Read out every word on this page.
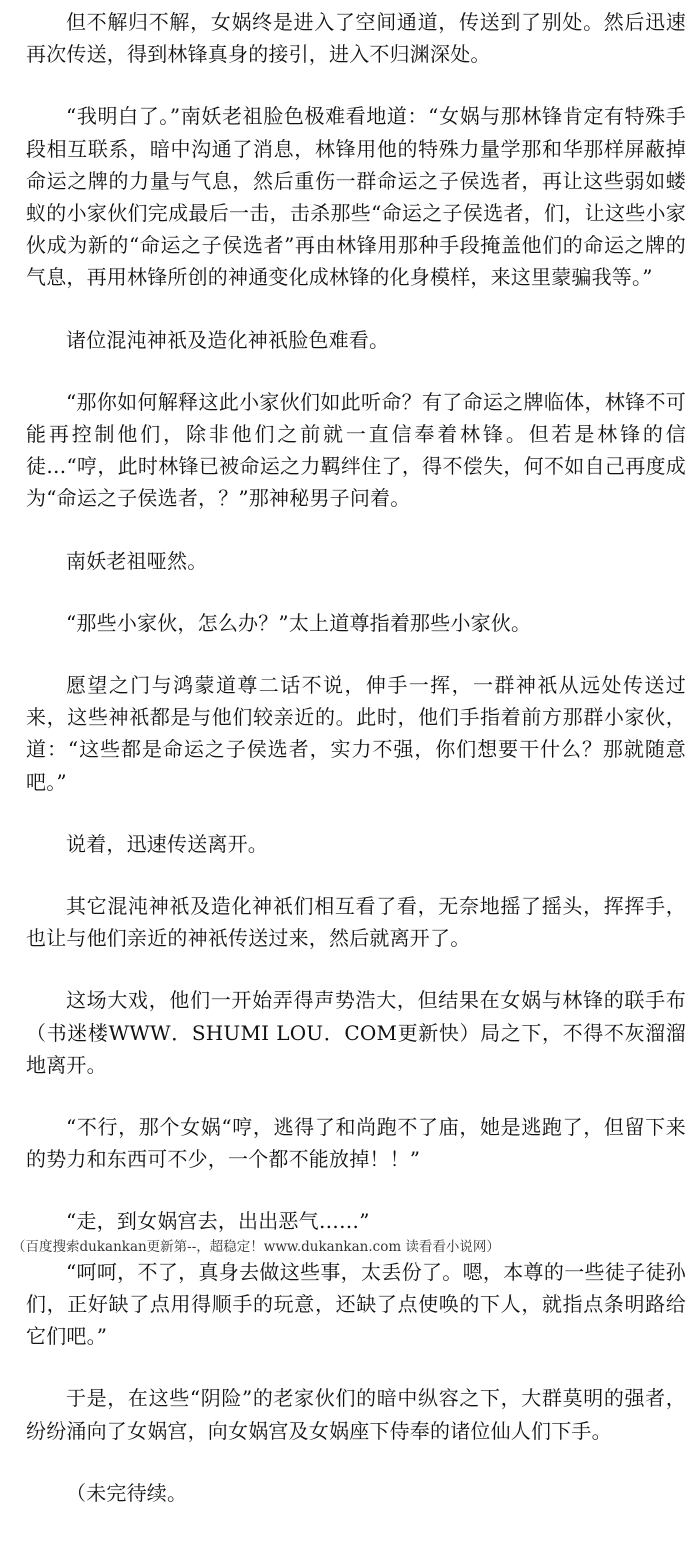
但不解归不解，女娲终是进入了空间通道，传送到了别处。然后迅速再次传送，得到林锋真身的接引，进入不归渊深处。

“我明白了。”南妖老祖脸色极难看地道：“女娲与那林锋肯定有特殊手段相互联系，暗中沟通了消息，林锋用他的特殊力量学那和华那样屏蔽掉命运之牌的力量与气息，然后重伤一群命运之子侯选者，再让这些弱如蝼蚁的小家伙们完成最后一击，击杀那些“命运之子侯选者，们，让这些小家伙成为新的“命运之子侯选者”再由林锋用那种手段掩盖他们的命运之牌的气息，再用林锋所创的神通变化成林锋的化身模样，来这里蒙骗我等。”

诸位混沌神祇及造化神祇脸色难看。

“那你如何解释这此小家伙们如此听命？有了命运之牌临体，林锋不可能再控制他们，除非他们之前就一直信奉着林锋。但若是林锋的信徒…“哼，此时林锋已被命运之力羁绊住了，得不偿失，何不如自己再度成为“命运之子侯选者，？”那神秘男子问着。

南妖老祖哑然。

“那些小家伙，怎么办？”太上道尊指着那些小家伙。

愿望之门与鸿蒙道尊二话不说，伸手一挥，一群神祇从远处传送过来，这些神祇都是与他们较亲近的。此时，他们手指着前方那群小家伙，道：“这些都是命运之子侯选者，实力不强，你们想要干什么？那就随意吧。”

说着，迅速传送离开。

其它混沌神祇及造化神祇们相互看了看，无奈地摇了摇头，挥挥手，也让与他们亲近的神祇传送过来，然后就离开了。

这场大戏，他们一开始弄得声势浩大，但结果在女娲与林锋的联手布（书迷楼WWW．SHUMI LOU．COM更新快）局之下，不得不灰溜溜地离开。

“不行，那个女娲“哼，逃得了和尚跑不了庙，她是逃跑了，但留下来的势力和东西可不少，一个都不能放掉！！”

“走，到女娲宫去，出出恶气……”

（百度搜索dukankan更新第--，超稳定！www.dukankan.com 读看看小说网）

“呵呵，不了，真身去做这些事，太丢份了。嗯，本尊的一些徒子徒孙们，正好缺了点用得顺手的玩意，还缺了点使唤的下人，就指点条明路给它们吧。”

于是，在这些“阴险”的老家伙们的暗中纵容之下，大群莫明的强者，纷纷涌向了女娲宫，向女娲宫及女娲座下侍奉的诸位仙人们下手。

（未完待续。
